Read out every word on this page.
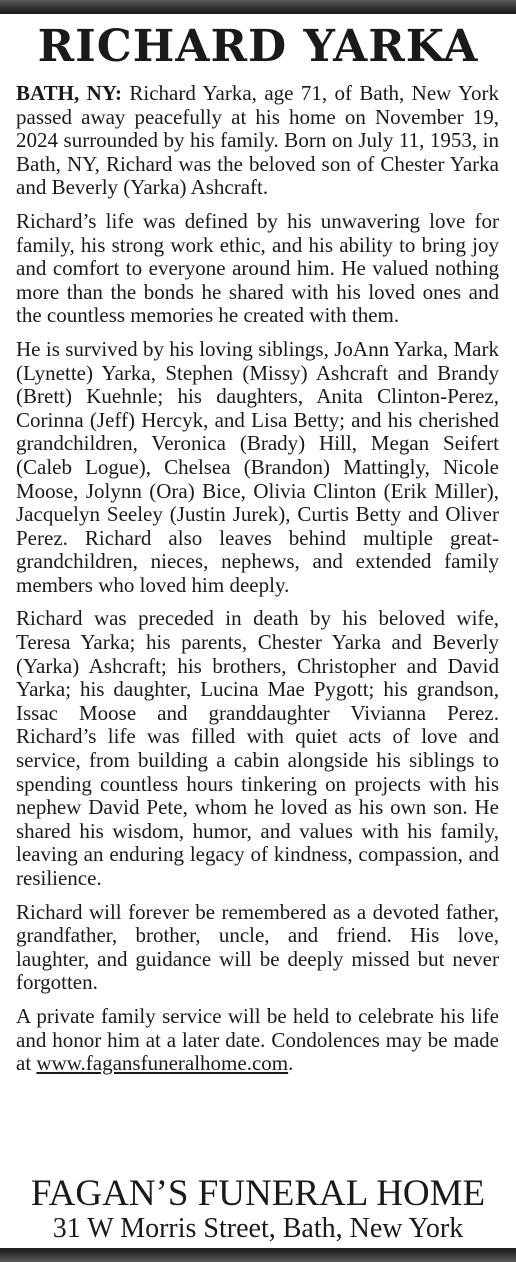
RICHARD YARKA

BATH, NY: Richard Yarka, age 71, of Bath, New York passed away peacefully at his home on November 19, 2024 surrounded by his family. Born on July 11, 1953, in Bath, NY, Richard was the beloved son of Chester Yarka and Beverly (Yarka) Ashcraft.

Richard’s life was defined by his unwavering love for family, his strong work ethic, and his ability to bring joy and comfort to everyone around him. He valued nothing more than the bonds he shared with his loved ones and the countless memories he created with them.

He is survived by his loving siblings, JoAnn Yarka, Mark (Lynette) Yarka, Stephen (Missy) Ashcraft and Brandy (Brett) Kuehnle; his daughters, Anita Clinton-Perez, Corinna (Jeff) Hercyk, and Lisa Betty; and his cherished grandchildren, Veronica (Brady) Hill, Megan Seifert (Caleb Logue), Chelsea (Brandon) Mattingly, Nicole Moose, Jolynn (Ora) Bice, Olivia Clinton (Erik Miller), Jacquelyn Seeley (Justin Jurek), Curtis Betty and Oliver Perez. Richard also leaves behind multiple great-grandchildren, nieces, nephews, and extended family members who loved him deeply.

Richard was preceded in death by his beloved wife, Teresa Yarka; his parents, Chester Yarka and Beverly (Yarka) Ashcraft; his brothers, Christopher and David Yarka; his daughter, Lucina Mae Pygott; his grandson, Issac Moose and granddaughter Vivianna Perez. Richard’s life was filled with quiet acts of love and service, from building a cabin alongside his siblings to spending countless hours tinkering on projects with his nephew David Pete, whom he loved as his own son. He shared his wisdom, humor, and values with his family, leaving an enduring legacy of kindness, compassion, and resilience.

Richard will forever be remembered as a devoted father, grandfather, brother, uncle, and friend. His love, laughter, and guidance will be deeply missed but never forgotten.

A private family service will be held to celebrate his life and honor him at a later date. Condolences may be made at www.fagansfuneralhome.com.

FAGAN’S FUNERAL HOME
31 W Morris Street, Bath, New York
